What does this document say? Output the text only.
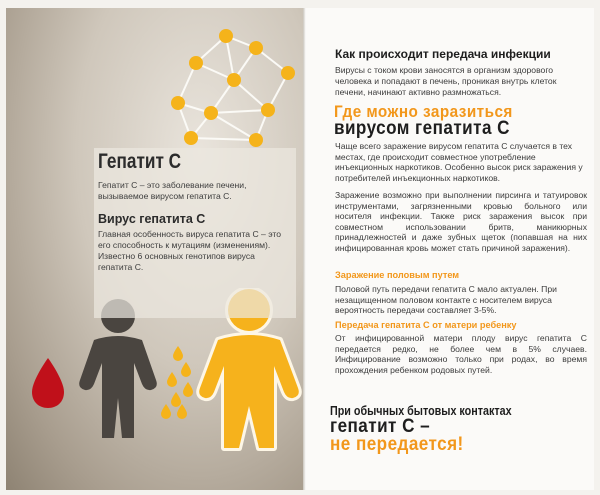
Гепатит С
Гепатит С – это заболевание печени, вызываемое вирусом гепатита С.
Вирус гепатита С
Главная особенность вируса гепатита С – это его способность к мутациям (изменениям). Известно 6 основных генотипов вируса гепатита С.
Как происходит передача инфекции
Вирусы с током крови заносятся в организм здорового человека и попадают в печень, проникая внутрь клеток печени, начинают активно размножаться.
Где можно заразиться
вирусом гепатита С
Чаще всего заражение вирусом гепатита С случается в тех местах, где происходит совместное употребление инъекционных наркотиков. Особенно высок риск заражения у потребителей инъекционных наркотиков.
Заражение возможно при выполнении пирсинга и татуировок инструментами, загрязненными кровью больного или носителя инфекции. Также риск заражения высок при совместном использовании бритв, маникюрных принадлежностей и даже зубных щеток (попавшая на них инфицированная кровь может стать причиной заражения).
Заражение половым путем
Половой путь передачи гепатита С мало актуален. При незащищенном половом контакте с носителем вируса вероятность передачи составляет 3-5%.
Передача гепатита С от матери ребенку
От инфицированной матери плоду вирус гепатита С передается редко, не более чем в 5% случаев. Инфицирование возможно только при родах, во время прохождения ребенком родовых путей.
При обычных бытовых контактах
гепатит С –
не передается!
